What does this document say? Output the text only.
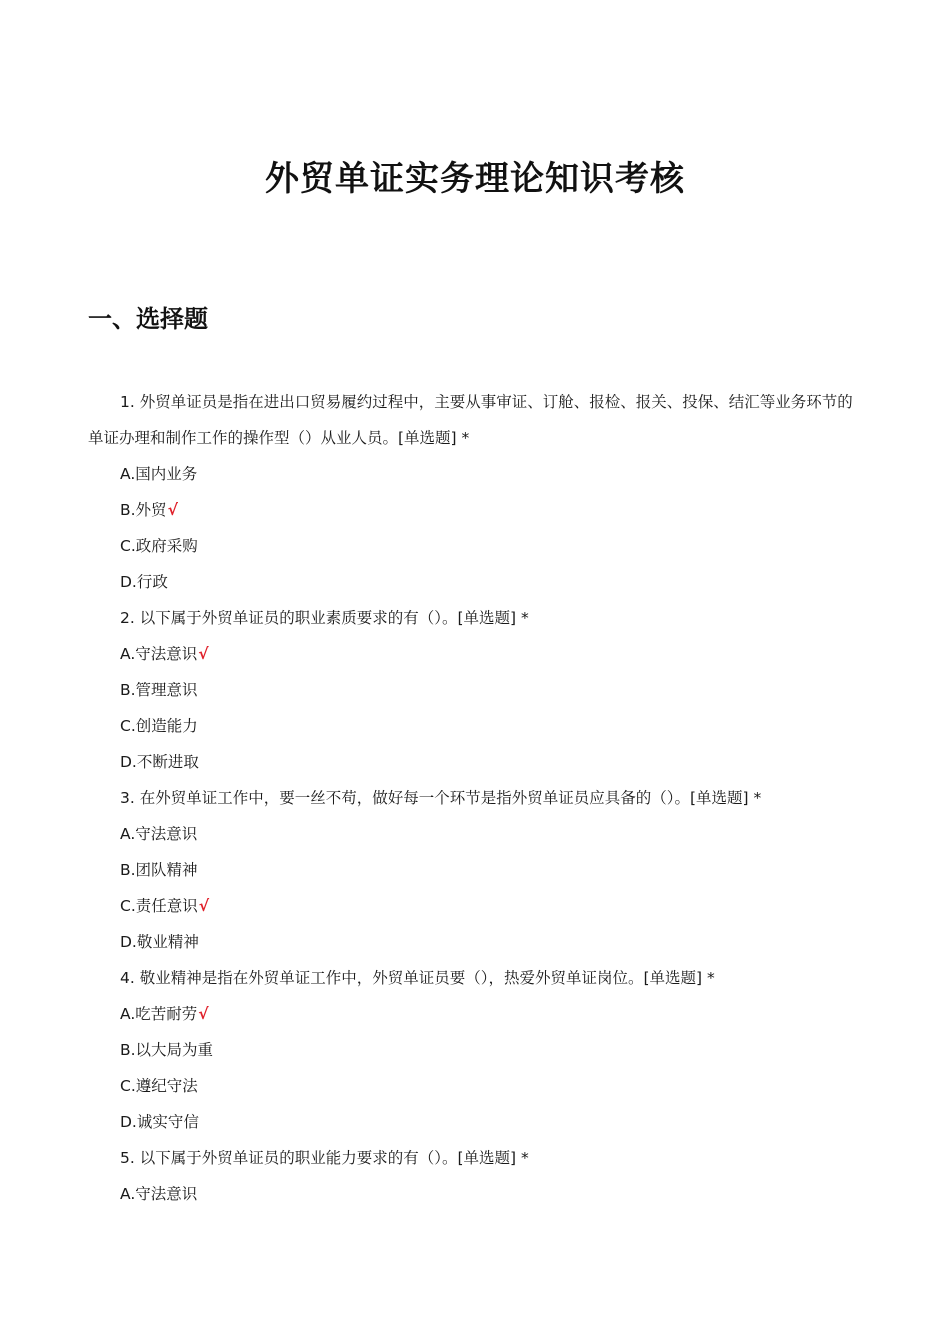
外贸单证实务理论知识考核
一、选择题

1. 外贸单证员是指在进出口贸易履约过程中，主要从事审证、订舱、报检、报关、投保、结汇等业务环节的单证办理和制作工作的操作型（）从业人员。[单选题] *

A.国内业务
B.外贸√
C.政府采购
D.行政

2. 以下属于外贸单证员的职业素质要求的有（）。[单选题] *

A.守法意识√
B.管理意识
C.创造能力
D.不断进取

3. 在外贸单证工作中，要一丝不苟，做好每一个环节是指外贸单证员应具备的（）。[单选题] *

A.守法意识
B.团队精神
C.责任意识√
D.敬业精神

4. 敬业精神是指在外贸单证工作中，外贸单证员要（），热爱外贸单证岗位。[单选题] *

A.吃苦耐劳√
B.以大局为重
C.遵纪守法
D.诚实守信

5. 以下属于外贸单证员的职业能力要求的有（）。[单选题] *

A.守法意识
